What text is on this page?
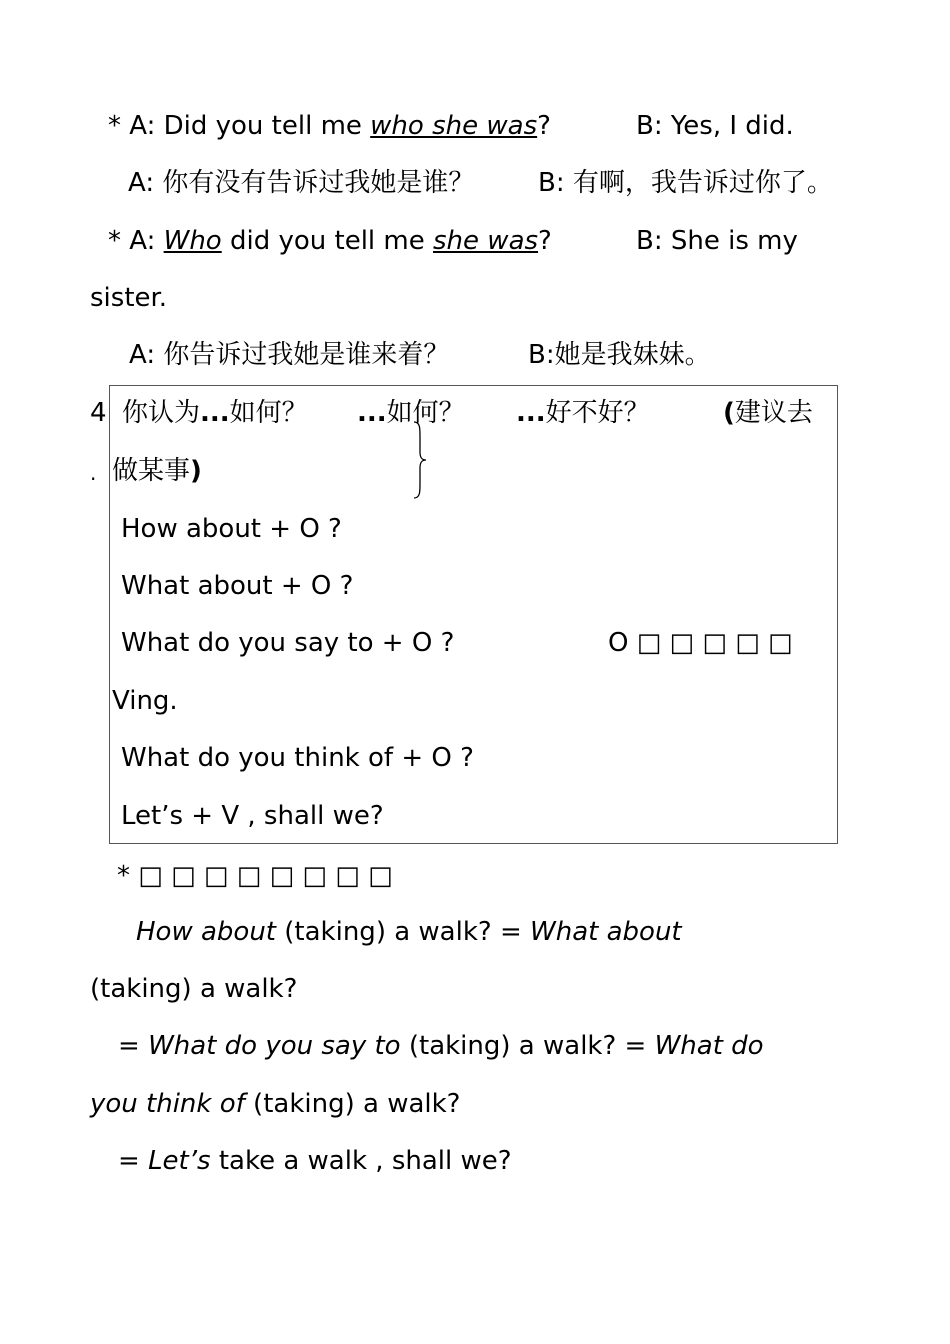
* A: Did you tell me who she was?	B: Yes, I did.
A: 你有没有告诉过我她是谁？ B: 有啊，我告诉过你了。
* A: Who did you tell me she was?	B: She is my
sister.
A: 你告诉过我她是谁来着？	B:她是我妹妹。
4
.
你认为...如何？ ...如何？ ...好不好？	(建议去
做某事)
How about + O ?
What about + O ?
What do you say to + O ?	O □ □ □ □ □
Ving.
What do you think of + O ?
Let’s + V , shall we?
* □ □ □ □ □ □ □ □
How about (taking) a walk? = What about
(taking) a walk?
= What do you say to (taking) a walk? = What do
you think of (taking) a walk?
= Let’s take a walk , shall we?
